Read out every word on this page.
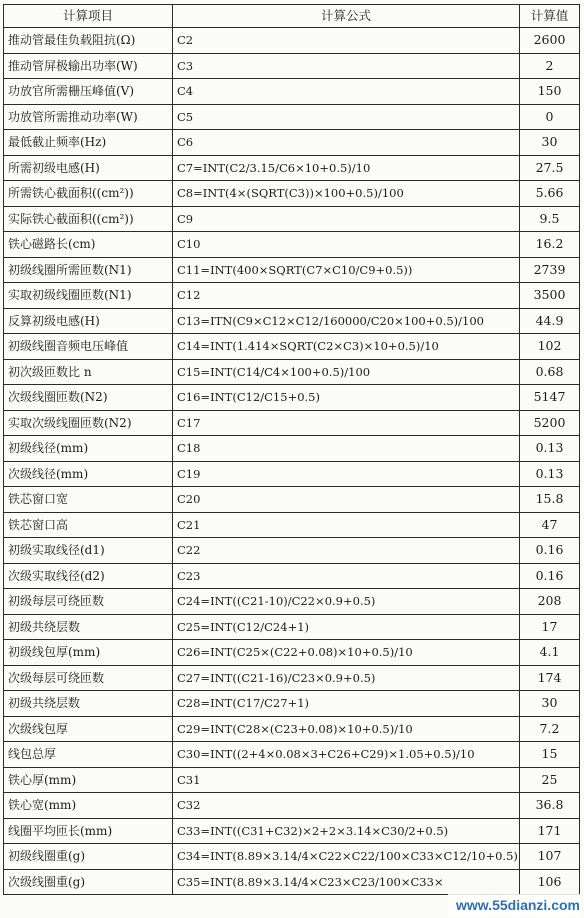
计算项目	计算公式	计算值
推动管最佳负载阻抗(Ω)	C2	2600
推动管屏极输出功率(W)	C3	2
功放官所需栅压峰值(V)	C4	150
功放管所需推动功率(W)	C5	0
最低截止频率(Hz)	C6	30
所需初级电感(H)	C7=INT(C2/3.15/C6×10+0.5)/10	27.5
所需铁心截面积((cm²))	C8=INT(4×(SQRT(C3))×100+0.5)/100	5.66
实际铁心截面积((cm²))	C9	9.5
铁心磁路长(cm)	C10	16.2
初级线圈所需匝数(N1)	C11=INT(400×SQRT(C7×C10/C9+0.5))	2739
实取初级线圈匝数(N1)	C12	3500
反算初级电感(H)	C13=ITN(C9×C12×C12/160000/C20×100+0.5)/100	44.9
初级线圈音频电压峰值	C14=INT(1.414×SQRT(C2×C3)×10+0.5)/10	102
初次级匝数比 n	C15=INT(C14/C4×100+0.5)/100	0.68
次级线圈匝数(N2)	C16=INT(C12/C15+0.5)	5147
实取次级线圈匝数(N2)	C17	5200
初级线径(mm)	C18	0.13
次级线径(mm)	C19	0.13
铁芯窗口宽	C20	15.8
铁芯窗口高	C21	47
初级实取线径(d1)	C22	0.16
次级实取线径(d2)	C23	0.16
初级每层可绕匝数	C24=INT((C21-10)/C22×0.9+0.5)	208
初级共绕层数	C25=INT(C12/C24+1)	17
初级线包厚(mm)	C26=INT(C25×(C22+0.08)×10+0.5)/10	4.1
次级每层可绕匝数	C27=INT((C21-16)/C23×0.9+0.5)	174
初级共绕层数	C28=INT(C17/C27+1)	30
次级线包厚	C29=INT(C28×(C23+0.08)×10+0.5)/10	7.2
线包总厚	C30=INT((2+4×0.08×3+C26+C29)×1.05+0.5)/10	15
铁心厚(mm)	C31	25
铁心宽(mm)	C32	36.8
线圈平均匝长(mm)	C33=INT((C31+C32)×2+2×3.14×C30/2+0.5)	171
初级线圈重(g)	C34=INT(8.89×3.14/4×C22×C22/100×C33×C12/10+0.5)	107
次级线圈重(g)	C35=INT(8.89×3.14/4×C23×C23/100×C33×	106
www.55dianzi.com
